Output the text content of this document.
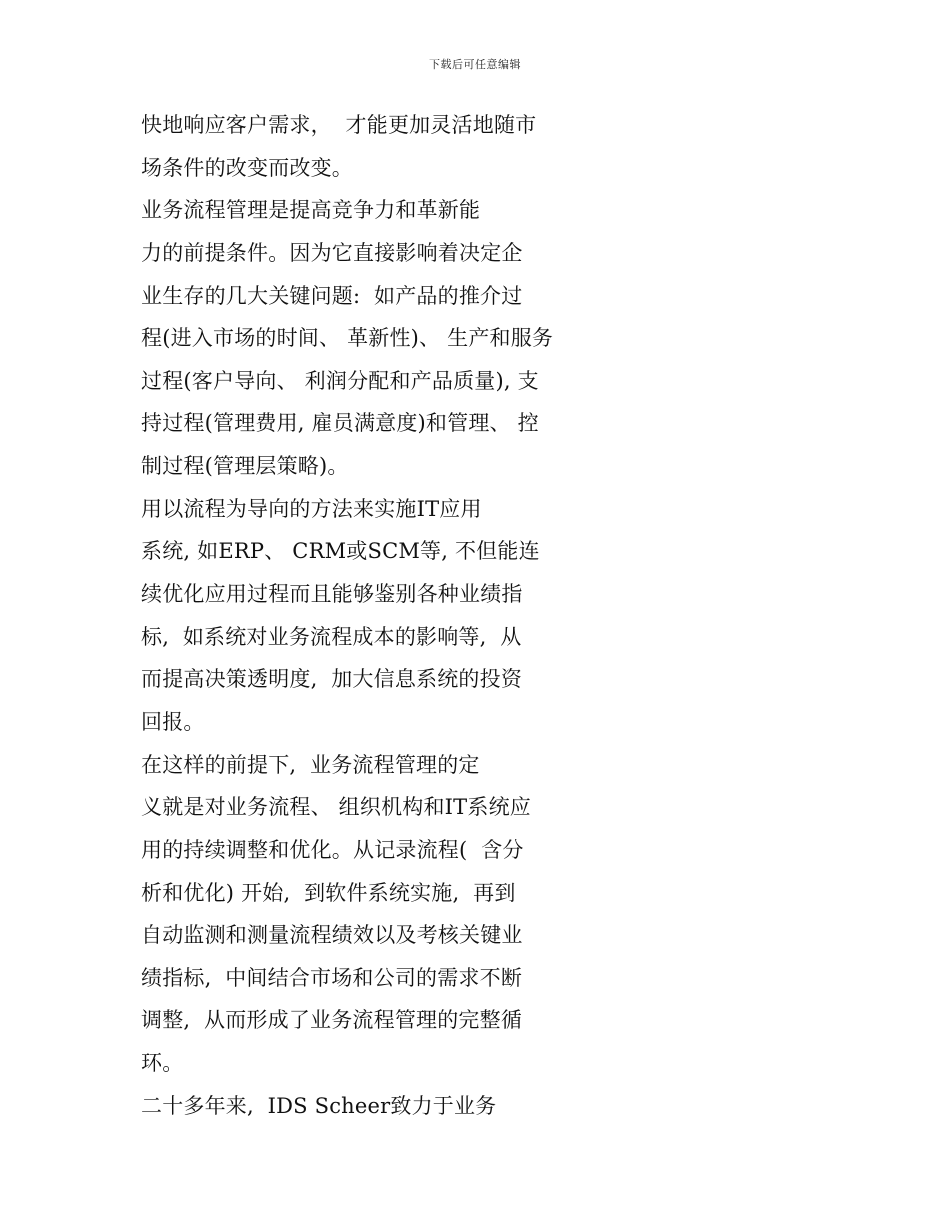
下载后可任意编辑
快地响应客户需求，  才能更加灵活地随市
场条件的改变而改变。
业务流程管理是提高竞争力和革新能
力的前提条件。因为它直接影响着决定企
业生存的几大关键问题:  如产品的推介过
程(进入市场的时间、 革新性)、 生产和服务
过程(客户导向、 利润分配和产品质量), 支
持过程(管理费用, 雇员满意度)和管理、 控
制过程(管理层策略)。
用以流程为导向的方法来实施IT应用
系统, 如ERP、 CRM或SCM等, 不但能连
续优化应用过程而且能够鉴别各种业绩指
标,  如系统对业务流程成本的影响等,  从
而提高决策透明度,  加大信息系统的投资
回报。
在这样的前提下,  业务流程管理的定
义就是对业务流程、 组织机构和IT系统应
用的持续调整和优化。从记录流程(  含分
析和优化) 开始,  到软件系统实施,  再到
自动监测和测量流程绩效以及考核关键业
绩指标,  中间结合市场和公司的需求不断
调整,  从而形成了业务流程管理的完整循
环。
二十多年来,  IDS Scheer致力于业务
